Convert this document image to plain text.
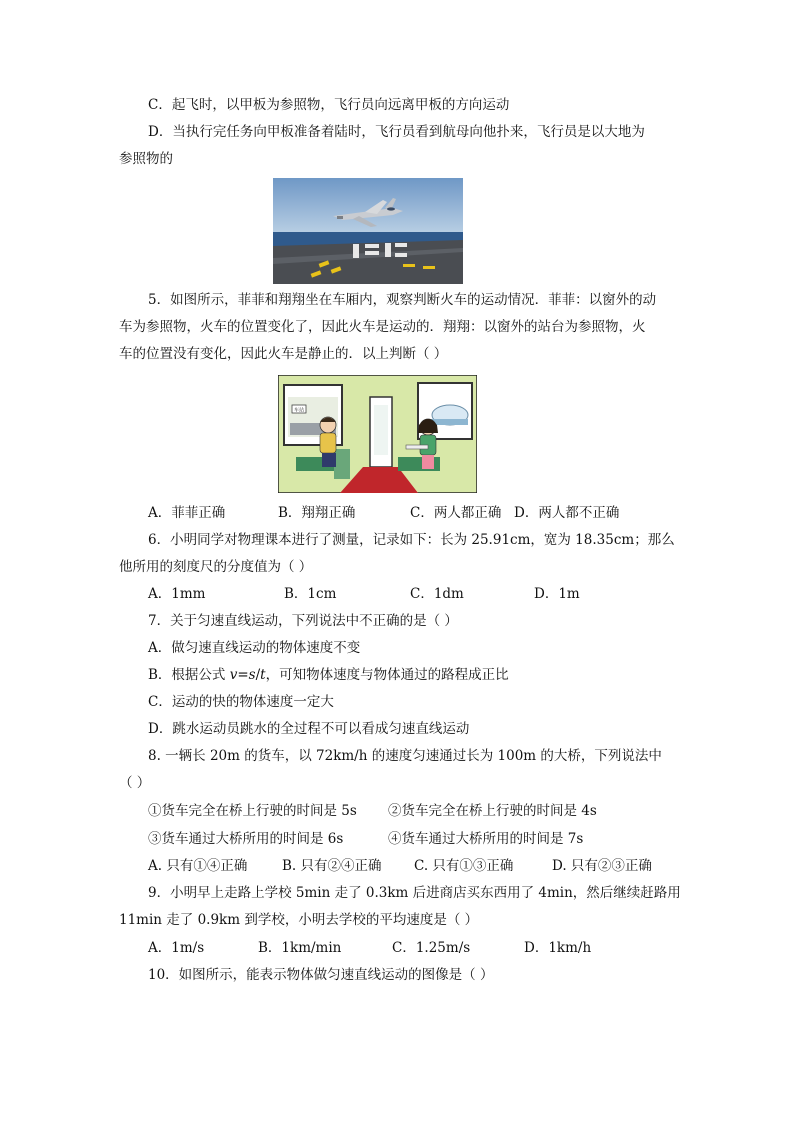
C．起飞时，以甲板为参照物，飞行员向远离甲板的方向运动
D．当执行完任务向甲板准备着陆时，飞行员看到航母向他扑来，飞行员是以大地为
参照物的
5．如图所示，菲菲和翔翔坐在车厢内，观察判断火车的运动情况．菲菲：以窗外的动
车为参照物，火车的位置变化了，因此火车是运动的．翔翔：以窗外的站台为参照物，火
车的位置没有变化，因此火车是静止的．以上判断（ ）
车站
A．菲菲正确	B．翔翔正确	C．两人都正确 D．两人都不正确
6．小明同学对物理课本进行了测量，记录如下：长为 25.91cm，宽为 18.35cm；那么
他所用的刻度尺的分度值为（ ）
A．1mm	B．1cm	C．1dm	D．1m
7．关于匀速直线运动，下列说法中不正确的是（ ）
A．做匀速直线运动的物体速度不变
B．根据公式 v=s/t，可知物体速度与物体通过的路程成正比
C．运动的快的物体速度一定大
D．跳水运动员跳水的全过程不可以看成匀速直线运动
8. 一辆长 20m 的货车，以 72km/h 的速度匀速通过长为 100m 的大桥，下列说法中
（ ）
①货车完全在桥上行驶的时间是 5s ②货车完全在桥上行驶的时间是 4s
③货车通过大桥所用的时间是 6s	④货车通过大桥所用的时间是 7s
A. 只有①④正确	B. 只有②④正确 C. 只有①③正确	D. 只有②③正确
9．小明早上走路上学校 5min 走了 0.3km 后进商店买东西用了 4min，然后继续赶路用
11min 走了 0.9km 到学校，小明去学校的平均速度是（ ）
A．1m/s	B．1km/min	C．1.25m/s	D．1km/h
10．如图所示，能表示物体做匀速直线运动的图像是（ ）
